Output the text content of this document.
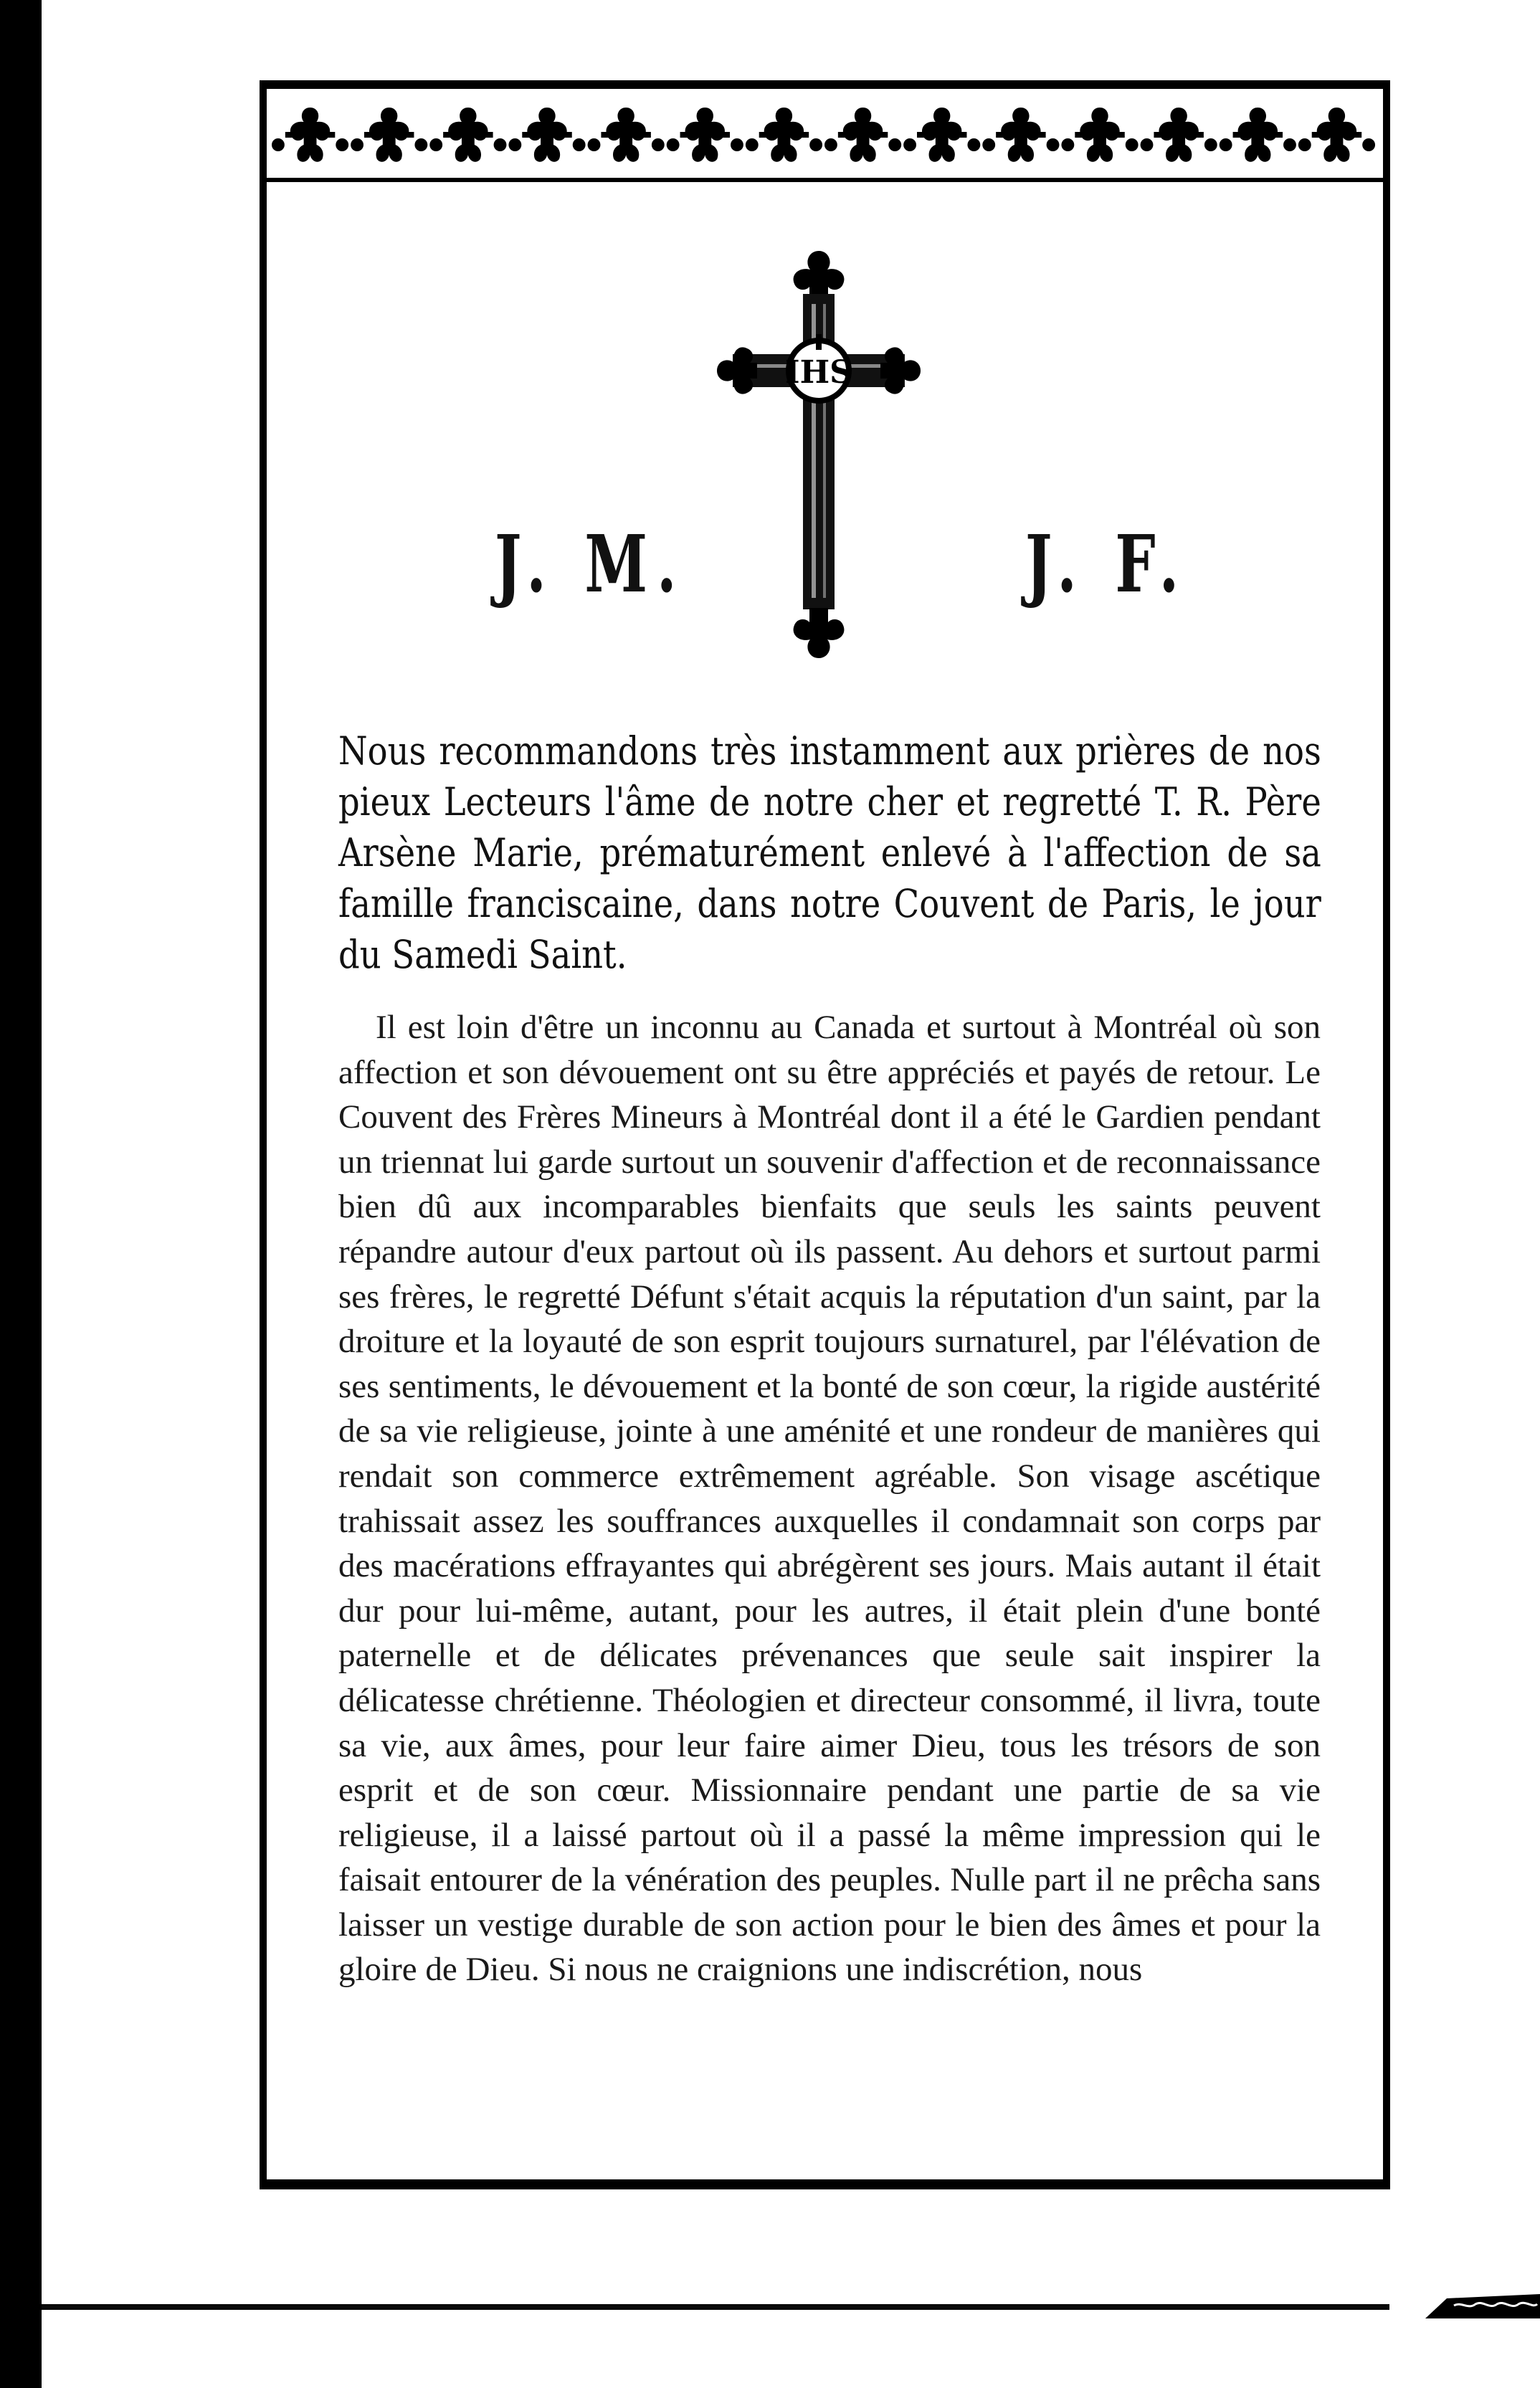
J. M.
IHS
J. F.
Nous recommandons très instamment aux prières de nos pieux Lecteurs l'âme de notre cher et regretté T. R. Père Arsène Marie, prématurément enlevé à l'affection de sa famille franciscaine, dans notre Couvent de Paris, le jour du Samedi Saint.
Il est loin d'être un inconnu au Canada et surtout à Montréal où son affection et son dévouement ont su être appréciés et payés de retour. Le Couvent des Frères Mineurs à Montréal dont il a été le Gardien pendant un triennat lui garde surtout un souvenir d'affection et de reconnaissance bien dû aux incomparables bienfaits que seuls les saints peuvent répandre autour d'eux partout où ils passent. Au dehors et surtout parmi ses frères, le regretté Défunt s'était acquis la réputation d'un saint, par la droiture et la loyauté de son esprit toujours surnaturel, par l'élévation de ses sentiments, le dévouement et la bonté de son cœur, la rigide austérité de sa vie religieuse, jointe à une aménité et une rondeur de manières qui rendait son commerce extrêmement agréable. Son visage ascétique trahissait assez les souffrances auxquelles il condamnait son corps par des macérations effrayantes qui abrégèrent ses jours. Mais autant il était dur pour lui-même, autant, pour les autres, il était plein d'une bonté paternelle et de délicates prévenances que seule sait inspirer la délicatesse chrétienne. Théologien et directeur consommé, il livra, toute sa vie, aux âmes, pour leur faire aimer Dieu, tous les trésors de son esprit et de son cœur. Missionnaire pendant une partie de sa vie religieuse, il a laissé partout où il a passé la même impression qui le faisait entourer de la vénération des peuples. Nulle part il ne prêcha sans laisser un vestige durable de son action pour le bien des âmes et pour la gloire de Dieu. Si nous ne craignions une indiscrétion, nous
